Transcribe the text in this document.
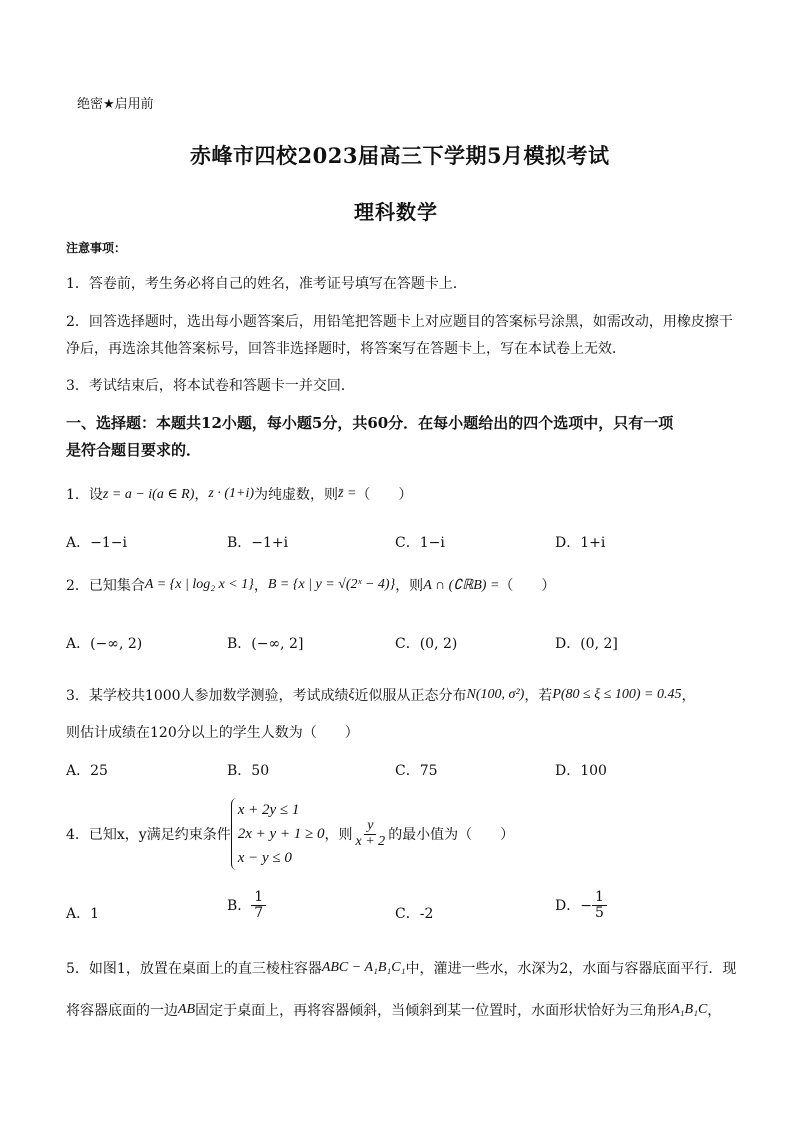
绝密★启用前
赤峰市四校2023届高三下学期5月模拟考试
理科数学
注意事项：
1．答卷前，考生务必将自己的姓名，准考证号填写在答题卡上．
2．回答选择题时，选出每小题答案后，用铅笔把答题卡上对应题目的答案标号涂黑，如需改动，用橡皮擦干
净后，再选涂其他答案标号，回答非选择题时，将答案写在答题卡上，写在本试卷上无效．
3．考试结束后，将本试卷和答题卡一并交回．
一、选择题：本题共12小题，每小题5分，共60分．在每小题给出的四个选项中，只有一项
是符合题目要求的．
1．设 z = a − i(a ∈ R) ， z · (1+i) 为纯虚数，则 z̄ = （　　）
A．−1−i	B．−1+i	C．1−i	D．1+i
2．已知集合 A = {x | log₂ x < 1} ， B = {x | y = √(2ˣ − 4)} ，则 A ∩ (∁ℝB) = （　　）
A．(−∞, 2)	B．(−∞, 2]	C．(0, 2)	D．(0, 2]
3．某学校共1000人参加数学测验，考试成绩 ξ 近似服从正态分布 N(100, σ²) ，若 P(80 ≤ ξ ≤ 100) = 0.45 ，
则估计成绩在120分以上的学生人数为（　　）
A．25	B．50	C．75	D．100
4．已知x，y满足约束条件
x + 2y ≤ 1
2x + y + 1 ≥ 0
x − y ≤ 0
，则 $\frac{y}{x + 2}$ 的最小值为（　　）
A．1	B． $\frac{1}{7}$	C．-2	D．− $\frac{1}{5}$
5．如图1，放置在桌面上的直三棱柱容器 ABC − A₁B₁C₁ 中，灌进一些水，水深为2，水面与容器底面平行．现
将容器底面的一边 AB 固定于桌面上，再将容器倾斜，当倾斜到某一位置时，水面形状恰好为三角形 A₁B₁C ，
